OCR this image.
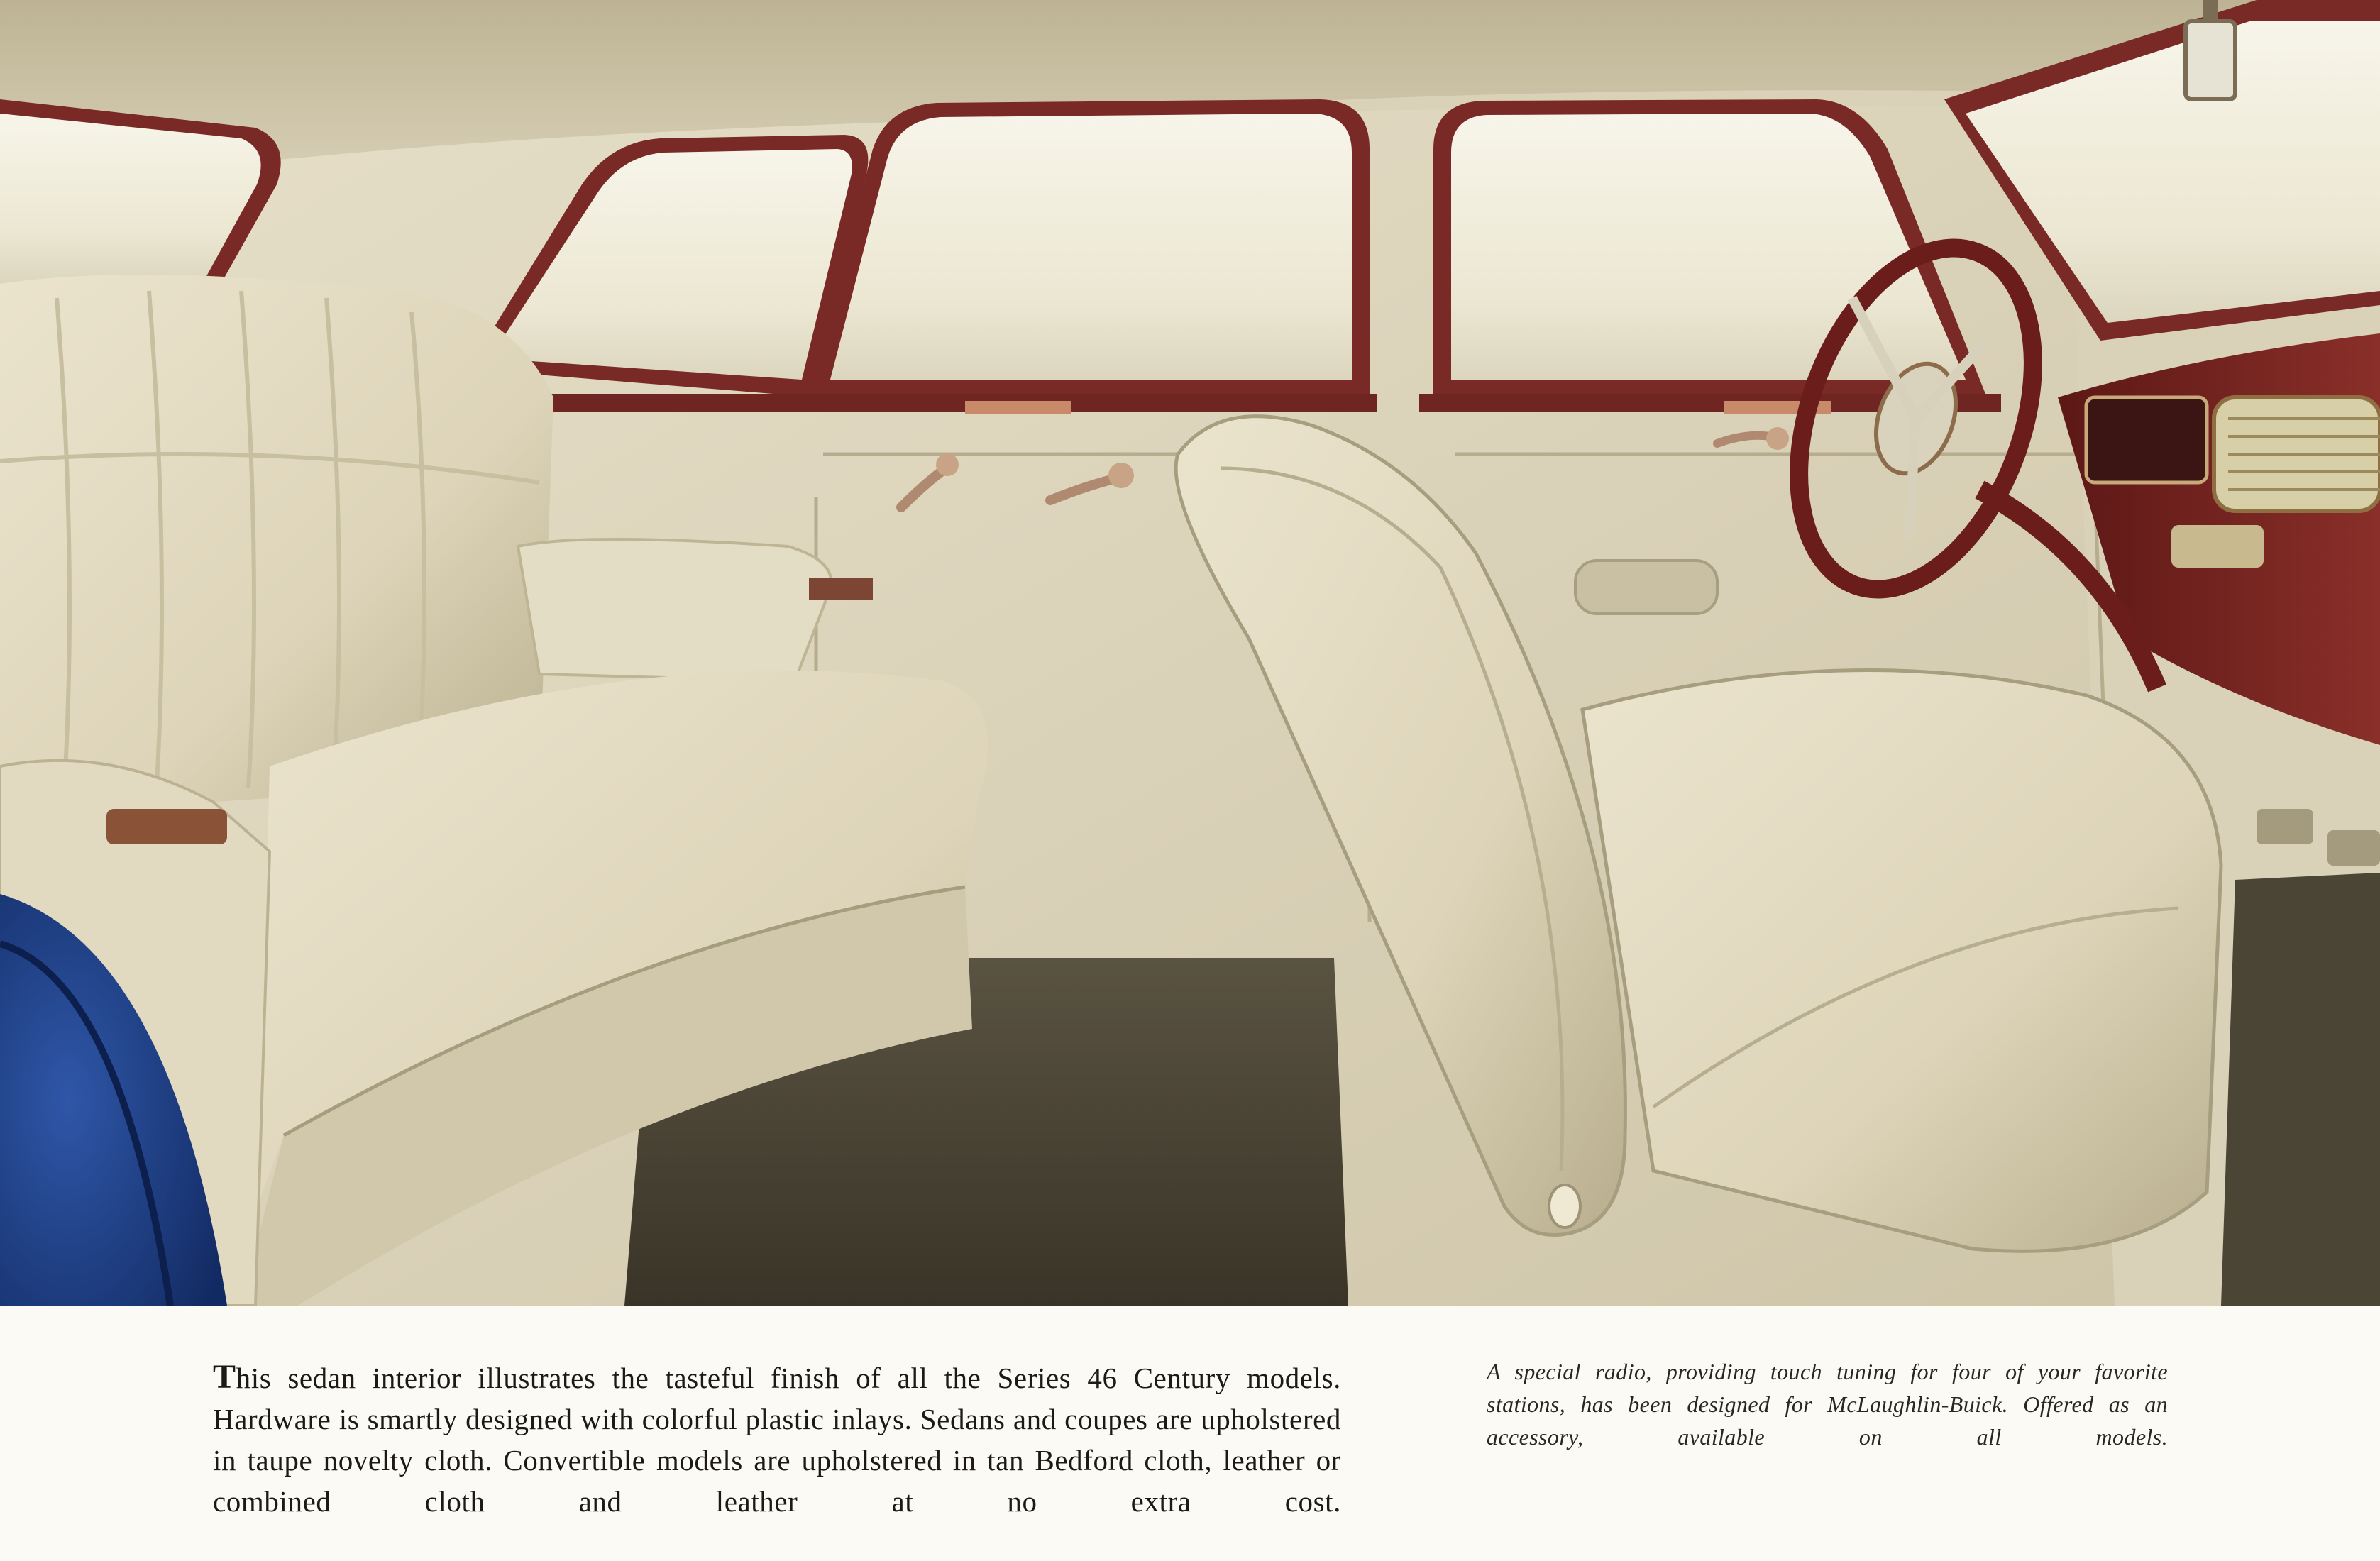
This sedan interior illustrates the tasteful finish of all the Series 46 Century models. Hardware is smartly designed with colorful plastic inlays. Sedans and coupes are upholstered in taupe novelty cloth. Convertible models are upholstered in tan Bedford cloth, leather or combined cloth and leather at no extra cost.

A special radio, providing touch tuning for four of your favorite stations, has been designed for McLaughlin-Buick. Offered as an accessory, available on all models.
